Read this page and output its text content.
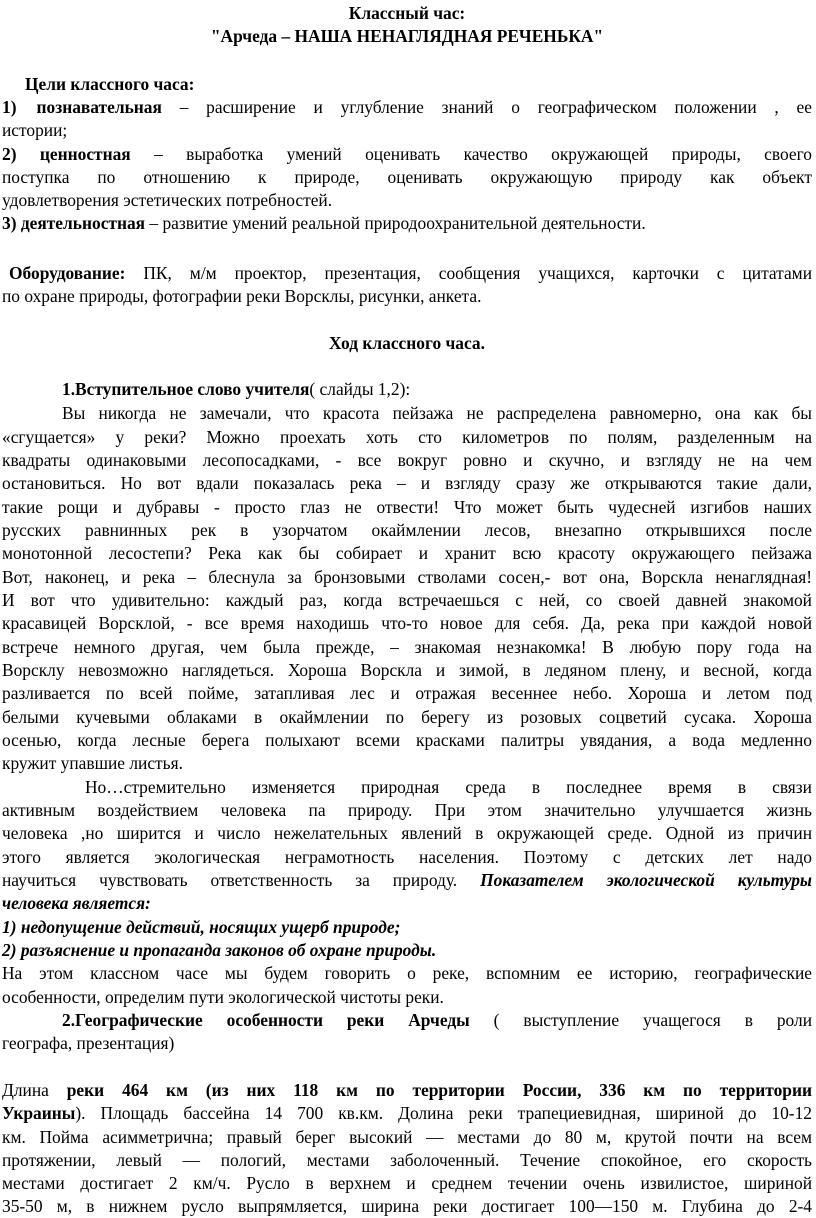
Классный час:
"Арчеда – НАША НЕНАГЛЯДНАЯ РЕЧЕНЬКА"
Цели классного часа:
1) познавательная – расширение и углубление знаний о географическом положении , ее
истории;
2) ценностная – выработка умений оценивать качество окружающей природы, своего
поступка по отношению к природе, оценивать окружающую природу как объект
удовлетворения эстетических потребностей.
3) деятельностная – развитие умений реальной природоохранительной деятельности.
Оборудование: ПК, м/м проектор, презентация, сообщения учащихся, карточки с цитатами
по охране природы, фотографии реки Ворсклы, рисунки, анкета.
Ход классного часа.
1.Вступительное слово учителя( слайды 1,2):
Вы никогда не замечали, что красота пейзажа не распределена равномерно, она как бы
«сгущается» у реки? Можно проехать хоть сто километров по полям, разделенным на
квадраты одинаковыми лесопосадками, - все вокруг ровно и скучно, и взгляду не на чем
остановиться. Но вот вдали показалась река – и взгляду сразу же открываются такие дали,
такие рощи и дубравы - просто глаз не отвести! Что может быть чудесней изгибов наших
русских равнинных рек в узорчатом окаймлении лесов, внезапно открывшихся после
монотонной лесостепи? Река как бы собирает и хранит всю красоту окружающего пейзажа
Вот, наконец, и река – блеснула за бронзовыми стволами сосен,- вот она, Ворскла ненаглядная!
И вот что удивительно: каждый раз, когда встречаешься с ней, со своей давней знакомой
красавицей Ворсклой, - все время находишь что-то новое для себя. Да, река при каждой новой
встрече немного другая, чем была прежде, – знакомая незнакомка! В любую пору года на
Ворсклу невозможно наглядеться. Хороша Ворскла и зимой, в ледяном плену, и весной, когда
разливается по всей пойме, затапливая лес и отражая весеннее небо. Хороша и летом под
белыми кучевыми облаками в окаймлении по берегу из розовых соцветий сусака. Хороша
осенью, когда лесные берега полыхают всеми красками палитры увядания, а вода медленно
кружит упавшие листья.
Но…стремительно изменяется природная среда в последнее время в связи
активным воздействием человека па природу. При этом значительно улучшается жизнь
человека ,но ширится и число нежелательных явлений в окружающей среде. Одной из причин
этого является экологическая неграмотность населения. Поэтому с детских лет надо
научиться чувствовать ответственность за природу. Показателем экологической культуры
человека является:
1) недопущение действий, носящих ущерб природе;
2) разъяснение и пропаганда законов об охране природы.
На этом классном часе мы будем говорить о реке, вспомним ее историю, географические
особенности, определим пути экологической чистоты реки.
2.Географические особенности реки Арчеды ( выступление учащегося в роли
географа, презентация)
Длина реки 464 км (из них 118 км по территории России, 336 км по территории
Украины). Площадь бассейна 14 700 кв.км. Долина реки трапециевидная, шириной до 10-12
км. Пойма асимметрична; правый берег высокий — местами до 80 м, крутой почти на всем
протяжении, левый — пологий, местами заболоченный. Течение спокойное, его скорость
местами достигает 2 км/ч. Русло в верхнем и среднем течении очень извилистое, шириной
35-50 м, в нижнем русло выпрямляется, ширина реки достигает 100—150 м. Глубина до 2-4
